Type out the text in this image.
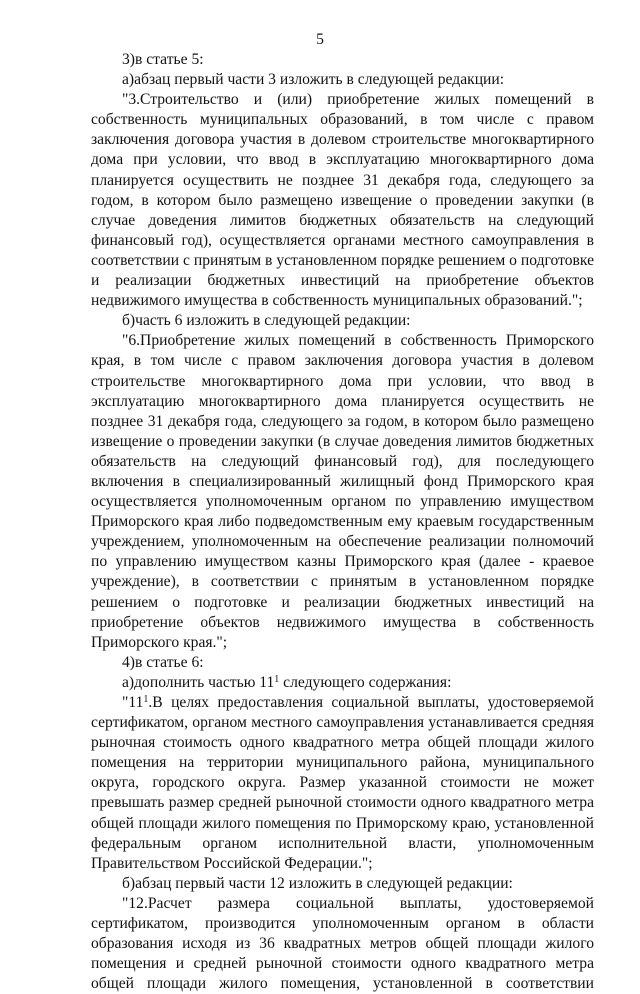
5

3)в статье 5:

а)абзац первый части 3 изложить в следующей редакции:

"3.Строительство и (или) приобретение жилых помещений в собственность муниципальных образований, в том числе с правом заключения договора участия в долевом строительстве многоквартирного дома при условии, что ввод в эксплуатацию многоквартирного дома планируется осуществить не позднее 31 декабря года, следующего за годом, в котором было размещено извещение о проведении закупки (в случае доведения лимитов бюджетных обязательств на следующий финансовый год), осуществляется органами местного самоуправления в соответствии с принятым в установленном порядке решением о подготовке и реализации бюджетных инвестиций на приобретение объектов недвижимого имущества в собственность муниципальных образований.";

б)часть 6 изложить в следующей редакции:

"6.Приобретение жилых помещений в собственность Приморского края, в том числе с правом заключения договора участия в долевом строительстве многоквартирного дома при условии, что ввод в эксплуатацию многоквартирного дома планируется осуществить не позднее 31 декабря года, следующего за годом, в котором было размещено извещение о проведении закупки (в случае доведения лимитов бюджетных обязательств на следующий финансовый год), для последующего включения в специализированный жилищный фонд Приморского края осуществляется уполномоченным органом по управлению имуществом Приморского края либо подведомственным ему краевым государственным учреждением, уполномоченным на обеспечение реализации полномочий по управлению имуществом казны Приморского края (далее - краевое учреждение), в соответствии с принятым в установленном порядке решением о подготовке и реализации бюджетных инвестиций на приобретение объектов недвижимого имущества в собственность Приморского края.";

4)в статье 6:

а)дополнить частью $11^1$ следующего содержания:

"$11^1.В$ целях предоставления социальной выплаты, удостоверяемой сертификатом, органом местного самоуправления устанавливается средняя рыночная стоимость одного квадратного метра общей площади жилого помещения на территории муниципального района, муниципального округа, городского округа. Размер указанной стоимости не может превышать размер средней рыночной стоимости одного квадратного метра общей площади жилого помещения по Приморскому краю, установленной федеральным органом исполнительной власти, уполномоченным Правительством Российской Федерации.";

б)абзац первый части 12 изложить в следующей редакции:

"12.Расчет размера социальной выплаты, удостоверяемой сертификатом, производится уполномоченным органом в области образования исходя из 36 квадратных метров общей площади жилого помещения и средней рыночной стоимости одного квадратного метра общей площади жилого помещения, установленной в соответствии
